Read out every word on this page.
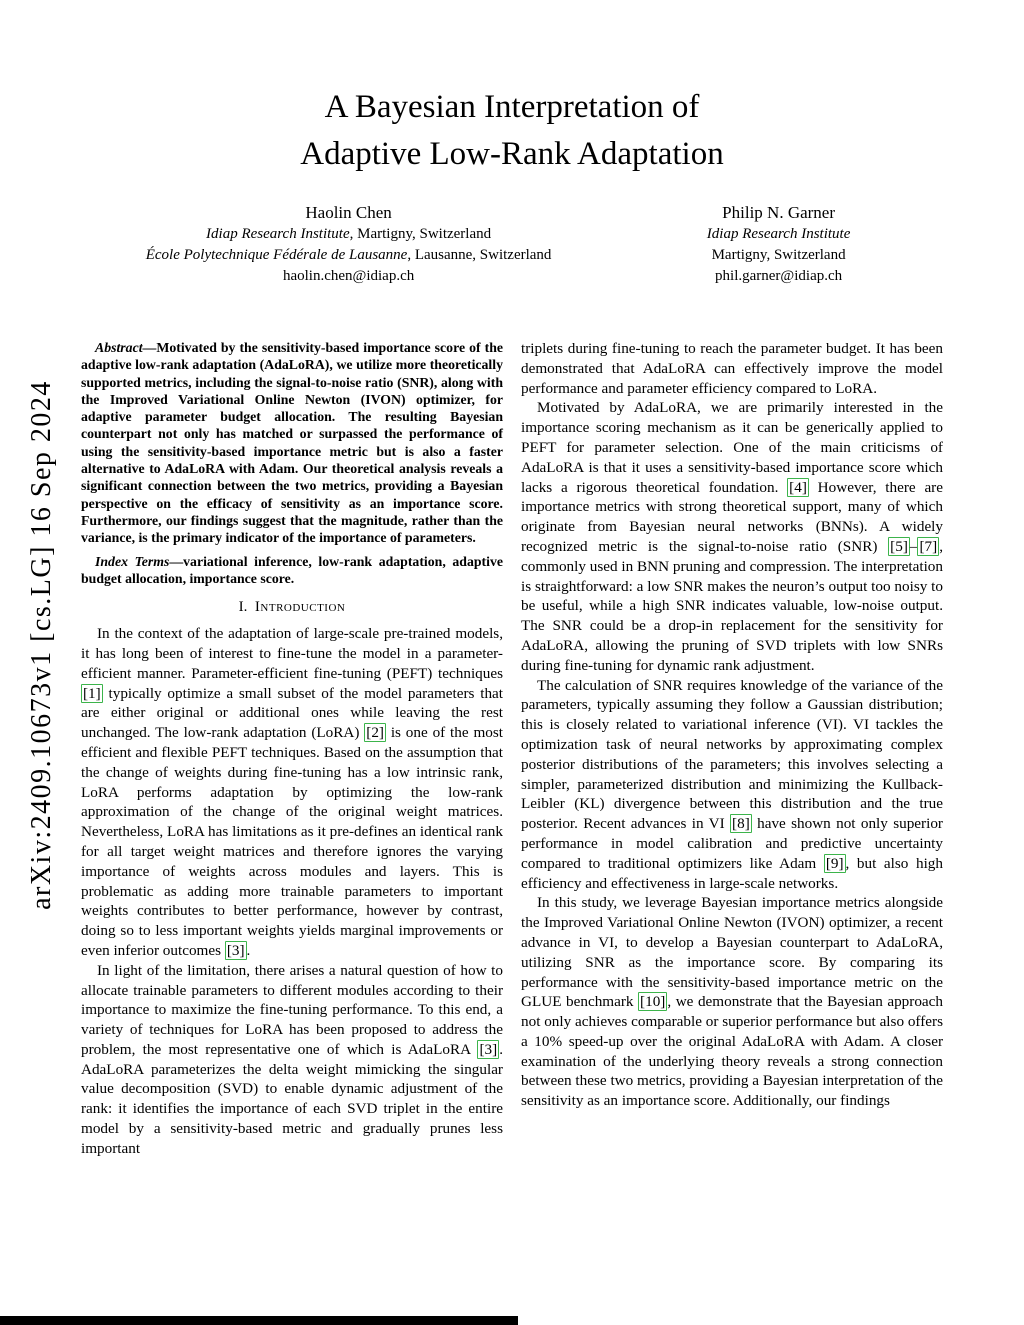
arXiv:2409.10673v1 [cs.LG] 16 Sep 2024
A Bayesian Interpretation of
Adaptive Low-Rank Adaptation
Haolin Chen
Idiap Research Institute, Martigny, Switzerland
École Polytechnique Fédérale de Lausanne, Lausanne, Switzerland
haolin.chen@idiap.ch
Philip N. Garner
Idiap Research Institute
Martigny, Switzerland
phil.garner@idiap.ch

Abstract—Motivated by the sensitivity-based importance score of the adaptive low-rank adaptation (AdaLoRA), we utilize more theoretically supported metrics, including the signal-to-noise ratio (SNR), along with the Improved Variational Online Newton (IVON) optimizer, for adaptive parameter budget allocation. The resulting Bayesian counterpart not only has matched or surpassed the performance of using the sensitivity-based importance metric but is also a faster alternative to AdaLoRA with Adam. Our theoretical analysis reveals a significant connection between the two metrics, providing a Bayesian perspective on the efficacy of sensitivity as an importance score. Furthermore, our findings suggest that the magnitude, rather than the variance, is the primary indicator of the importance of parameters.

Index Terms—variational inference, low-rank adaptation, adaptive budget allocation, importance score.

I. Introduction

In the context of the adaptation of large-scale pre-trained models, it has long been of interest to fine-tune the model in a parameter-efficient manner. Parameter-efficient fine-tuning (PEFT) techniques [1] typically optimize a small subset of the model parameters that are either original or additional ones while leaving the rest unchanged. The low-rank adaptation (LoRA) [2] is one of the most efficient and flexible PEFT techniques. Based on the assumption that the change of weights during fine-tuning has a low intrinsic rank, LoRA performs adaptation by optimizing the low-rank approximation of the change of the original weight matrices. Nevertheless, LoRA has limitations as it pre-defines an identical rank for all target weight matrices and therefore ignores the varying importance of weights across modules and layers. This is problematic as adding more trainable parameters to important weights contributes to better performance, however by contrast, doing so to less important weights yields marginal improvements or even inferior outcomes [3] .

In light of the limitation, there arises a natural question of how to allocate trainable parameters to different modules according to their importance to maximize the fine-tuning performance. To this end, a variety of techniques for LoRA has been proposed to address the problem, the most representative one of which is AdaLoRA [3] . AdaLoRA parameterizes the delta weight mimicking the singular value decomposition (SVD) to enable dynamic adjustment of the rank: it identifies the importance of each SVD triplet in the entire model by a sensitivity-based metric and gradually prunes less important

triplets during fine-tuning to reach the parameter budget. It has been demonstrated that AdaLoRA can effectively improve the model performance and parameter efficiency compared to LoRA.

Motivated by AdaLoRA, we are primarily interested in the importance scoring mechanism as it can be generically applied to PEFT for parameter selection. One of the main criticisms of AdaLoRA is that it uses a sensitivity-based importance score which lacks a rigorous theoretical foundation. [4] However, there are importance metrics with strong theoretical support, many of which originate from Bayesian neural networks (BNNs). A widely recognized metric is the signal-to-noise ratio (SNR) [5] – [7] , commonly used in BNN pruning and compression. The interpretation is straightforward: a low SNR makes the neuron’s output too noisy to be useful, while a high SNR indicates valuable, low-noise output. The SNR could be a drop-in replacement for the sensitivity for AdaLoRA, allowing the pruning of SVD triplets with low SNRs during fine-tuning for dynamic rank adjustment.

The calculation of SNR requires knowledge of the variance of the parameters, typically assuming they follow a Gaussian distribution; this is closely related to variational inference (VI). VI tackles the optimization task of neural networks by approximating complex posterior distributions of the parameters; this involves selecting a simpler, parameterized distribution and minimizing the Kullback-Leibler (KL) divergence between this distribution and the true posterior. Recent advances in VI [8] have shown not only superior performance in model calibration and predictive uncertainty compared to traditional optimizers like Adam [9] , but also high efficiency and effectiveness in large-scale networks.

In this study, we leverage Bayesian importance metrics alongside the Improved Variational Online Newton (IVON) optimizer, a recent advance in VI, to develop a Bayesian counterpart to AdaLoRA, utilizing SNR as the importance score. By comparing its performance with the sensitivity-based importance metric on the GLUE benchmark [10] , we demonstrate that the Bayesian approach not only achieves comparable or superior performance but also offers a 10% speed-up over the original AdaLoRA with Adam. A closer examination of the underlying theory reveals a strong connection between these two metrics, providing a Bayesian interpretation of the sensitivity as an importance score. Additionally, our findings
